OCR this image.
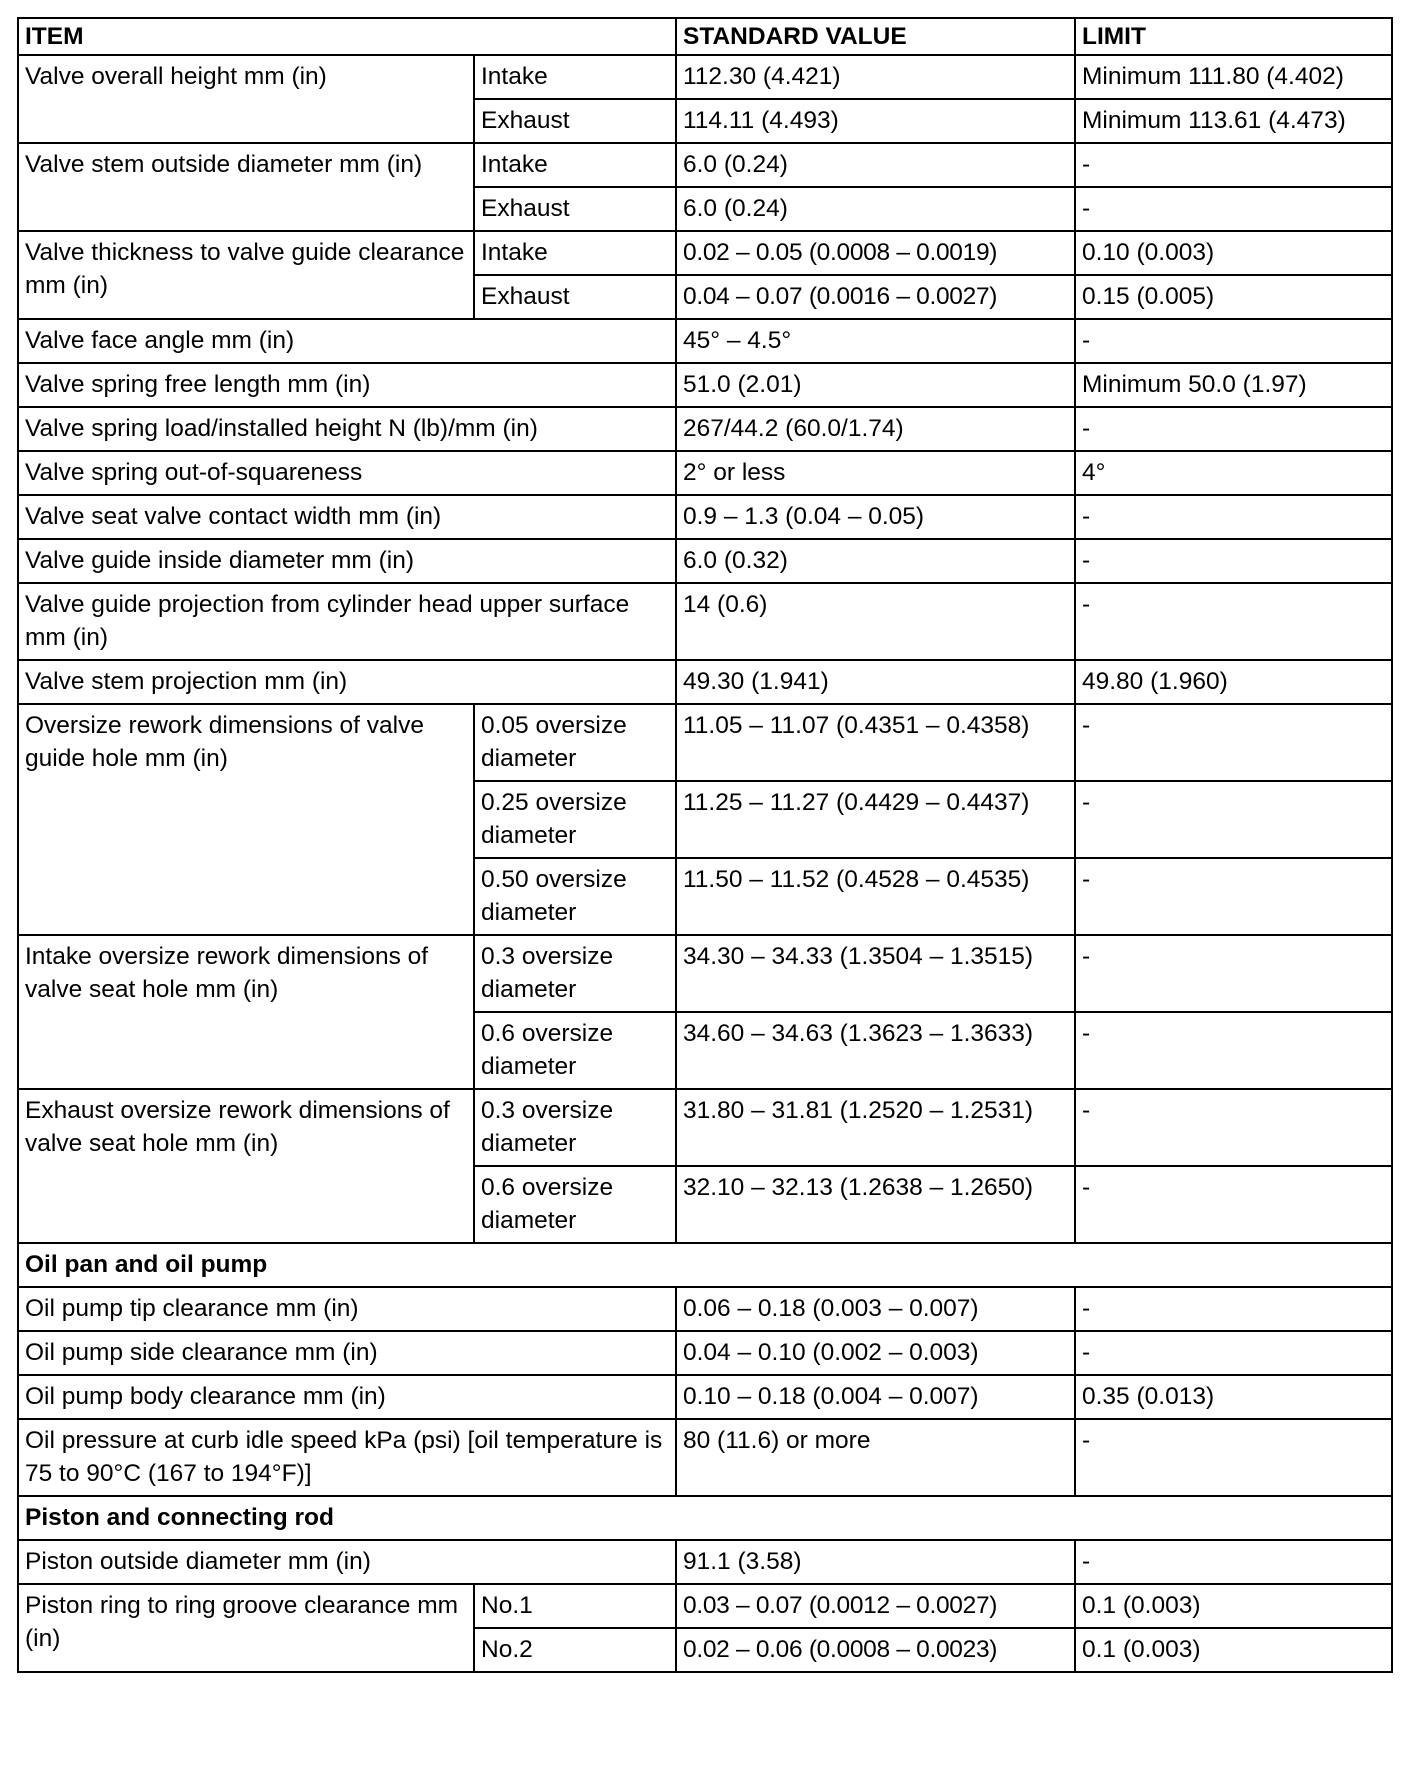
ITEM		STANDARD VALUE	LIMIT
Valve overall height mm (in)	Intake	112.30 (4.421)	Minimum 111.80 (4.402)
	Exhaust	114.11 (4.493)	Minimum 113.61 (4.473)
Valve stem outside diameter mm (in)	Intake	6.0 (0.24)	-
	Exhaust	6.0 (0.24)	-
Valve thickness to valve guide clearance mm (in)	Intake	0.02 – 0.05 (0.0008 – 0.0019)	0.10 (0.003)
	Exhaust	0.04 – 0.07 (0.0016 – 0.0027)	0.15 (0.005)
Valve face angle mm (in)		45° – 4.5°	-
Valve spring free length mm (in)		51.0 (2.01)	Minimum 50.0 (1.97)
Valve spring load/installed height N (lb)/mm (in)		267/44.2 (60.0/1.74)	-
Valve spring out-of-squareness		2° or less	4°
Valve seat valve contact width mm (in)		0.9 – 1.3 (0.04 – 0.05)	-
Valve guide inside diameter mm (in)		6.0 (0.32)	-
Valve guide projection from cylinder head upper surface mm (in)		14 (0.6)	-
Valve stem projection mm (in)		49.30 (1.941)	49.80 (1.960)
Oversize rework dimensions of valve guide hole mm (in)	0.05 oversize diameter	11.05 – 11.07 (0.4351 – 0.4358)	-
	0.25 oversize diameter	11.25 – 11.27 (0.4429 – 0.4437)	-
	0.50 oversize diameter	11.50 – 11.52 (0.4528 – 0.4535)	-
Intake oversize rework dimensions of valve seat hole mm (in)	0.3 oversize diameter	34.30 – 34.33 (1.3504 – 1.3515)	-
	0.6 oversize diameter	34.60 – 34.63 (1.3623 – 1.3633)	-
Exhaust oversize rework dimensions of valve seat hole mm (in)	0.3 oversize diameter	31.80 – 31.81 (1.2520 – 1.2531)	-
	0.6 oversize diameter	32.10 – 32.13 (1.2638 – 1.2650)	-
Oil pan and oil pump			
Oil pump tip clearance mm (in)		0.06 – 0.18 (0.003 – 0.007)	-
Oil pump side clearance mm (in)		0.04 – 0.10 (0.002 – 0.003)	-
Oil pump body clearance mm (in)		0.10 – 0.18 (0.004 – 0.007)	0.35 (0.013)
Oil pressure at curb idle speed kPa (psi) [oil temperature is 75 to 90°C (167 to 194°F)]		80 (11.6) or more	-
Piston and connecting rod			
Piston outside diameter mm (in)		91.1 (3.58)	-
Piston ring to ring groove clearance mm (in)	No.1	0.03 – 0.07 (0.0012 – 0.0027)	0.1 (0.003)
	No.2	0.02 – 0.06 (0.0008 – 0.0023)	0.1 (0.003)
